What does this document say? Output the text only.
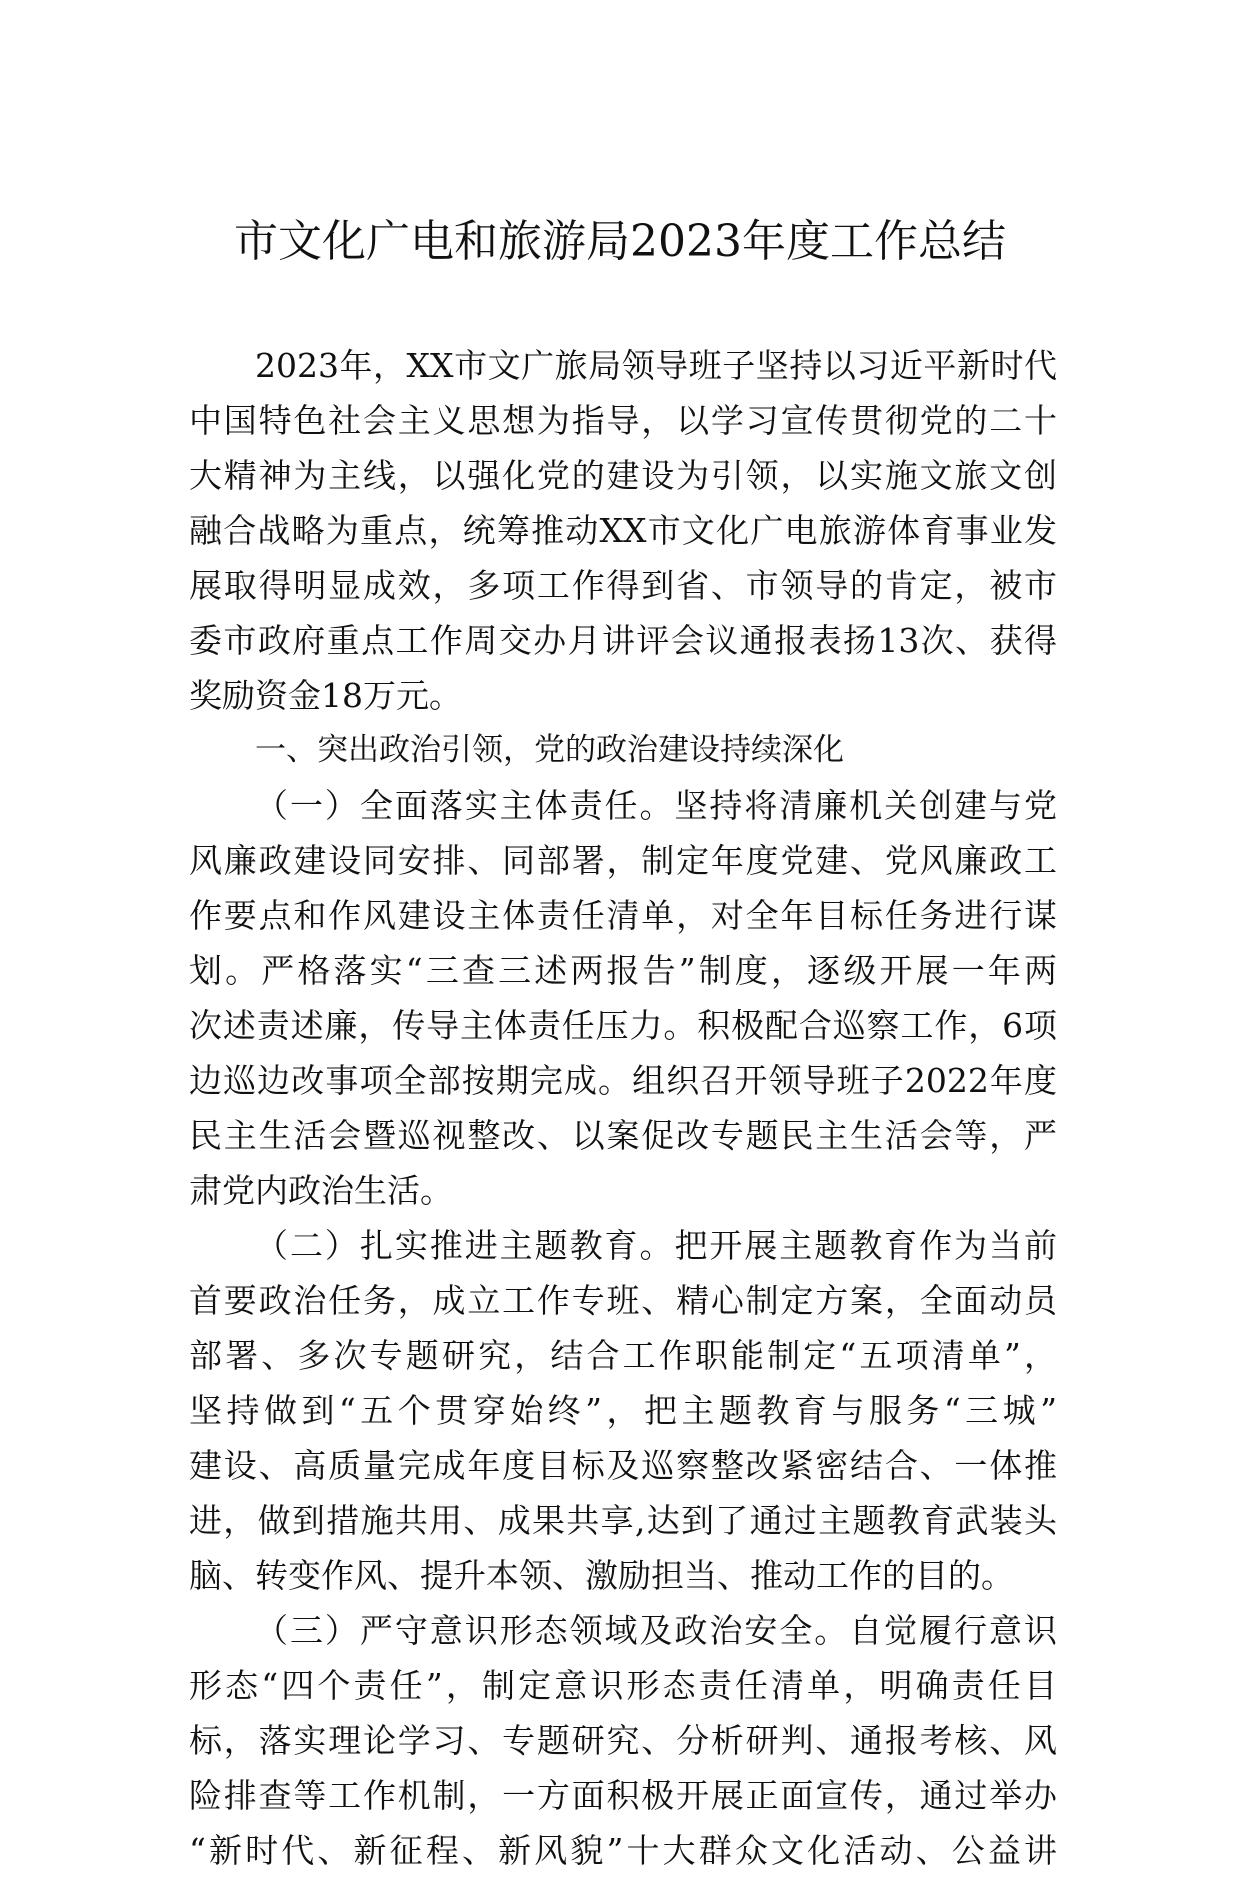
市文化广电和旅游局2023年度工作总结
2023年，XX市文广旅局领导班子坚持以习近平新时代
中国特色社会主义思想为指导，以学习宣传贯彻党的二十
大精神为主线，以强化党的建设为引领，以实施文旅文创
融合战略为重点，统筹推动XX市文化广电旅游体育事业发
展取得明显成效，多项工作得到省、市领导的肯定，被市
委市政府重点工作周交办月讲评会议通报表扬13次、获得
奖励资金18万元。
一、突出政治引领，党的政治建设持续深化
（一）全面落实主体责任。坚持将清廉机关创建与党
风廉政建设同安排、同部署，制定年度党建、党风廉政工
作要点和作风建设主体责任清单，对全年目标任务进行谋
划。严格落实“三查三述两报告”制度，逐级开展一年两
次述责述廉，传导主体责任压力。积极配合巡察工作，6项
边巡边改事项全部按期完成。组织召开领导班子2022年度
民主生活会暨巡视整改、以案促改专题民主生活会等，严
肃党内政治生活。
（二）扎实推进主题教育。把开展主题教育作为当前
首要政治任务，成立工作专班、精心制定方案，全面动员
部署、多次专题研究，结合工作职能制定“五项清单”，
坚持做到“五个贯穿始终”，把主题教育与服务“三城”
建设、高质量完成年度目标及巡察整改紧密结合、一体推
进，做到措施共用、成果共享,达到了通过主题教育武装头
脑、转变作风、提升本领、激励担当、推动工作的目的。
（三）严守意识形态领域及政治安全。自觉履行意识
形态“四个责任”，制定意识形态责任清单，明确责任目
标，落实理论学习、专题研究、分析研判、通报考核、风
险排查等工作机制，一方面积极开展正面宣传，通过举办
“新时代、新征程、新风貌”十大群众文化活动、公益讲
